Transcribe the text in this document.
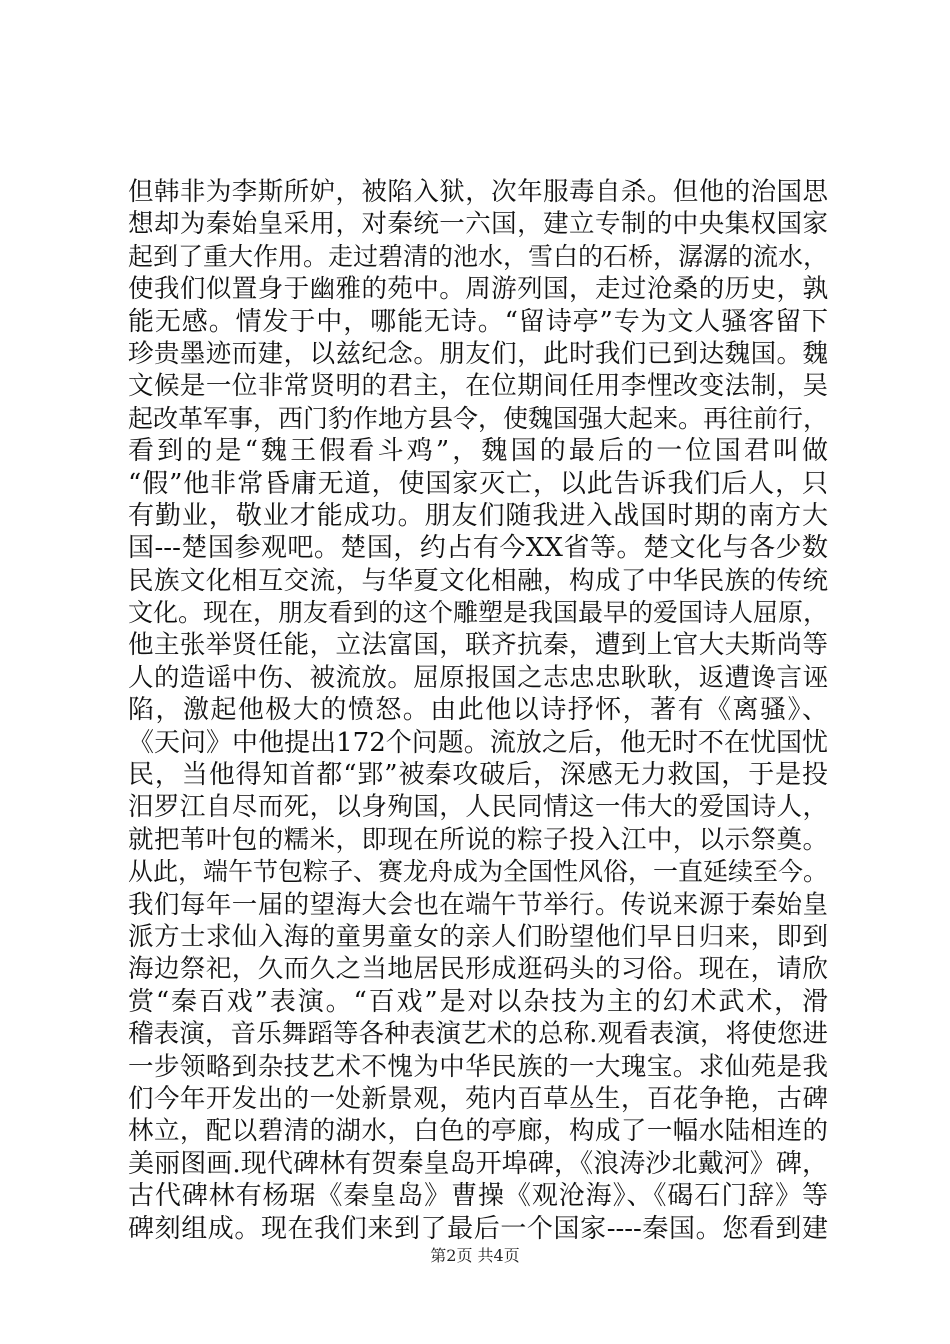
但韩非为李斯所妒，被陷入狱，次年服毒自杀。但他的治国思
想却为秦始皇采用，对秦统一六国，建立专制的中央集权国家
起到了重大作用。走过碧清的池水，雪白的石桥，潺潺的流水，
使我们似置身于幽雅的苑中。周游列国，走过沧桑的历史，孰
能无感。情发于中，哪能无诗。“留诗亭”专为文人骚客留下
珍贵墨迹而建，以兹纪念。朋友们，此时我们已到达魏国。魏
文候是一位非常贤明的君主，在位期间任用李悝改变法制，吴
起改革军事，西门豹作地方县令，使魏国强大起来。再往前行，
看到的是“魏王假看斗鸡”，魏国的最后的一位国君叫做
“假”他非常昏庸无道，使国家灭亡，以此告诉我们后人，只
有勤业，敬业才能成功。朋友们随我进入战国时期的南方大
国---楚国参观吧。楚国，约占有今XX省等。楚文化与各少数
民族文化相互交流，与华夏文化相融，构成了中华民族的传统
文化。现在，朋友看到的这个雕塑是我国最早的爱国诗人屈原，
他主张举贤任能，立法富国，联齐抗秦，遭到上官大夫斯尚等
人的造谣中伤、被流放。屈原报国之志忠忠耿耿，返遭谗言诬
陷，激起他极大的愤怒。由此他以诗抒怀，著有《离骚》、
《天问》中他提出172个问题。流放之后，他无时不在忧国忧
民，当他得知首都“郢”被秦攻破后，深感无力救国，于是投
汨罗江自尽而死，以身殉国，人民同情这一伟大的爱国诗人，
就把苇叶包的糯米，即现在所说的粽子投入江中，以示祭奠。
从此，端午节包粽子、赛龙舟成为全国性风俗，一直延续至今。
我们每年一届的望海大会也在端午节举行。传说来源于秦始皇
派方士求仙入海的童男童女的亲人们盼望他们早日归来，即到
海边祭祀，久而久之当地居民形成逛码头的习俗。现在，请欣
赏“秦百戏”表演。“百戏”是对以杂技为主的幻术武术，滑
稽表演，音乐舞蹈等各种表演艺术的总称.观看表演，将使您进
一步领略到杂技艺术不愧为中华民族的一大瑰宝。求仙苑是我
们今年开发出的一处新景观，苑内百草丛生，百花争艳，古碑
林立，配以碧清的湖水，白色的亭廊，构成了一幅水陆相连的
美丽图画.现代碑林有贺秦皇岛开埠碑，《浪涛沙北戴河》碑，
古代碑林有杨琚《秦皇岛》曹操《观沧海》、《碣石门辞》等
碑刻组成。现在我们来到了最后一个国家----秦国。您看到建
第2页 共4页
